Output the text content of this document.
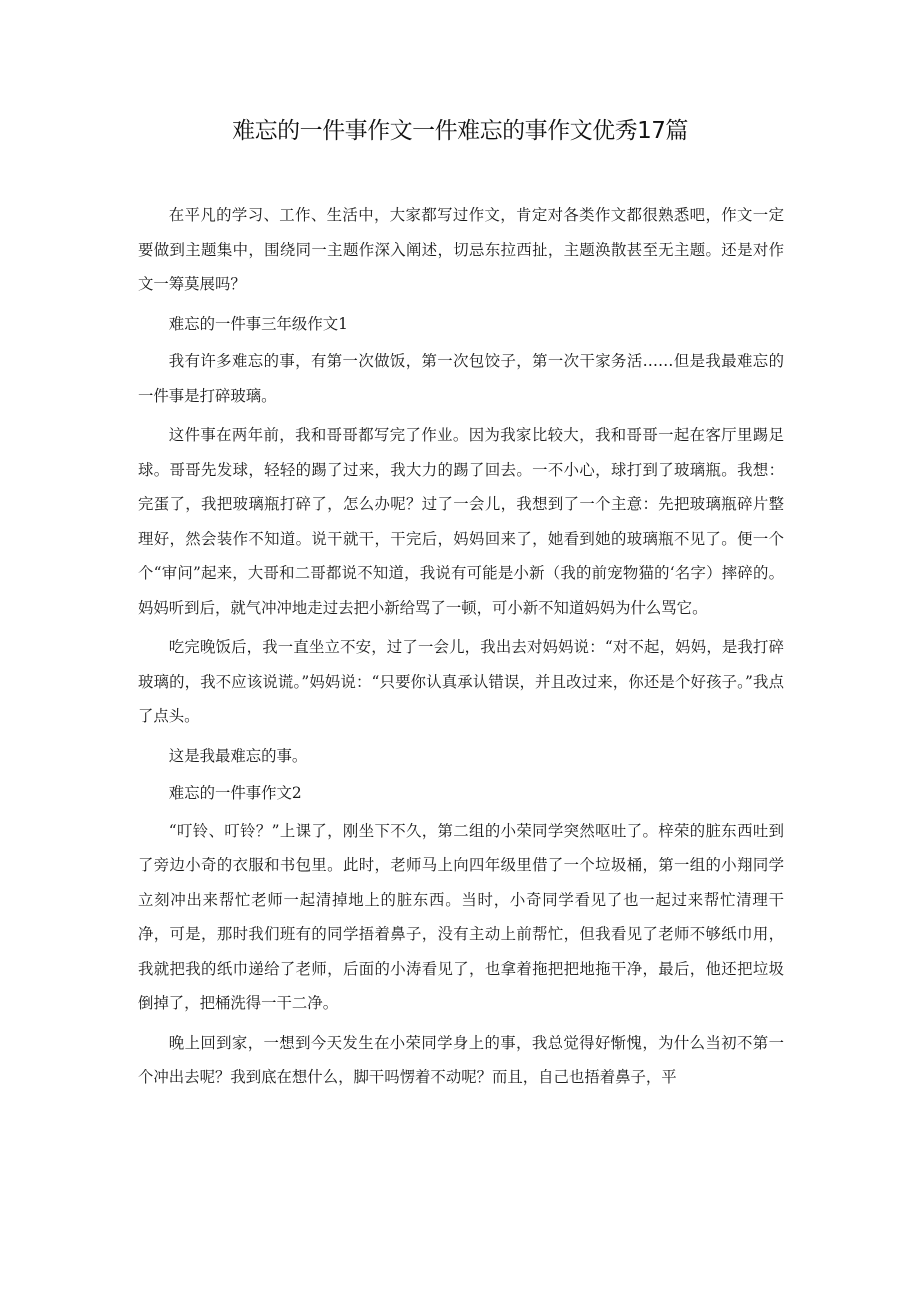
难忘的一件事作文一件难忘的事作文优秀17篇

在平凡的学习、工作、生活中，大家都写过作文，肯定对各类作文都很熟悉吧，作文一定要做到主题集中，围绕同一主题作深入阐述，切忌东拉西扯，主题涣散甚至无主题。还是对作文一筹莫展吗？

难忘的一件事三年级作文1

我有许多难忘的事，有第一次做饭，第一次包饺子，第一次干家务活……但是我最难忘的一件事是打碎玻璃。

这件事在两年前，我和哥哥都写完了作业。因为我家比较大，我和哥哥一起在客厅里踢足球。哥哥先发球，轻轻的踢了过来，我大力的踢了回去。一不小心，球打到了玻璃瓶。我想：完蛋了，我把玻璃瓶打碎了，怎么办呢？过了一会儿，我想到了一个主意：先把玻璃瓶碎片整理好，然会装作不知道。说干就干，干完后，妈妈回来了，她看到她的玻璃瓶不见了。便一个个“审问”起来，大哥和二哥都说不知道，我说有可能是小新（我的前宠物猫的‘名字）摔碎的。妈妈听到后，就气冲冲地走过去把小新给骂了一顿，可小新不知道妈妈为什么骂它。

吃完晚饭后，我一直坐立不安，过了一会儿，我出去对妈妈说：“对不起，妈妈，是我打碎玻璃的，我不应该说谎。”妈妈说：“只要你认真承认错误，并且改过来，你还是个好孩子。”我点了点头。

这是我最难忘的事。

难忘的一件事作文2

“叮铃、叮铃？”上课了，刚坐下不久，第二组的小荣同学突然呕吐了。梓荣的脏东西吐到了旁边小奇的衣服和书包里。此时，老师马上向四年级里借了一个垃圾桶，第一组的小翔同学立刻冲出来帮忙老师一起清掉地上的脏东西。当时，小奇同学看见了也一起过来帮忙清理干净，可是，那时我们班有的同学捂着鼻子，没有主动上前帮忙，但我看见了老师不够纸巾用，我就把我的纸巾递给了老师，后面的小涛看见了，也拿着拖把把地拖干净，最后，他还把垃圾倒掉了，把桶洗得一干二净。

晚上回到家，一想到今天发生在小荣同学身上的事，我总觉得好惭愧，为什么当初不第一个冲出去呢？我到底在想什么，脚干吗愣着不动呢？而且，自己也捂着鼻子，平
